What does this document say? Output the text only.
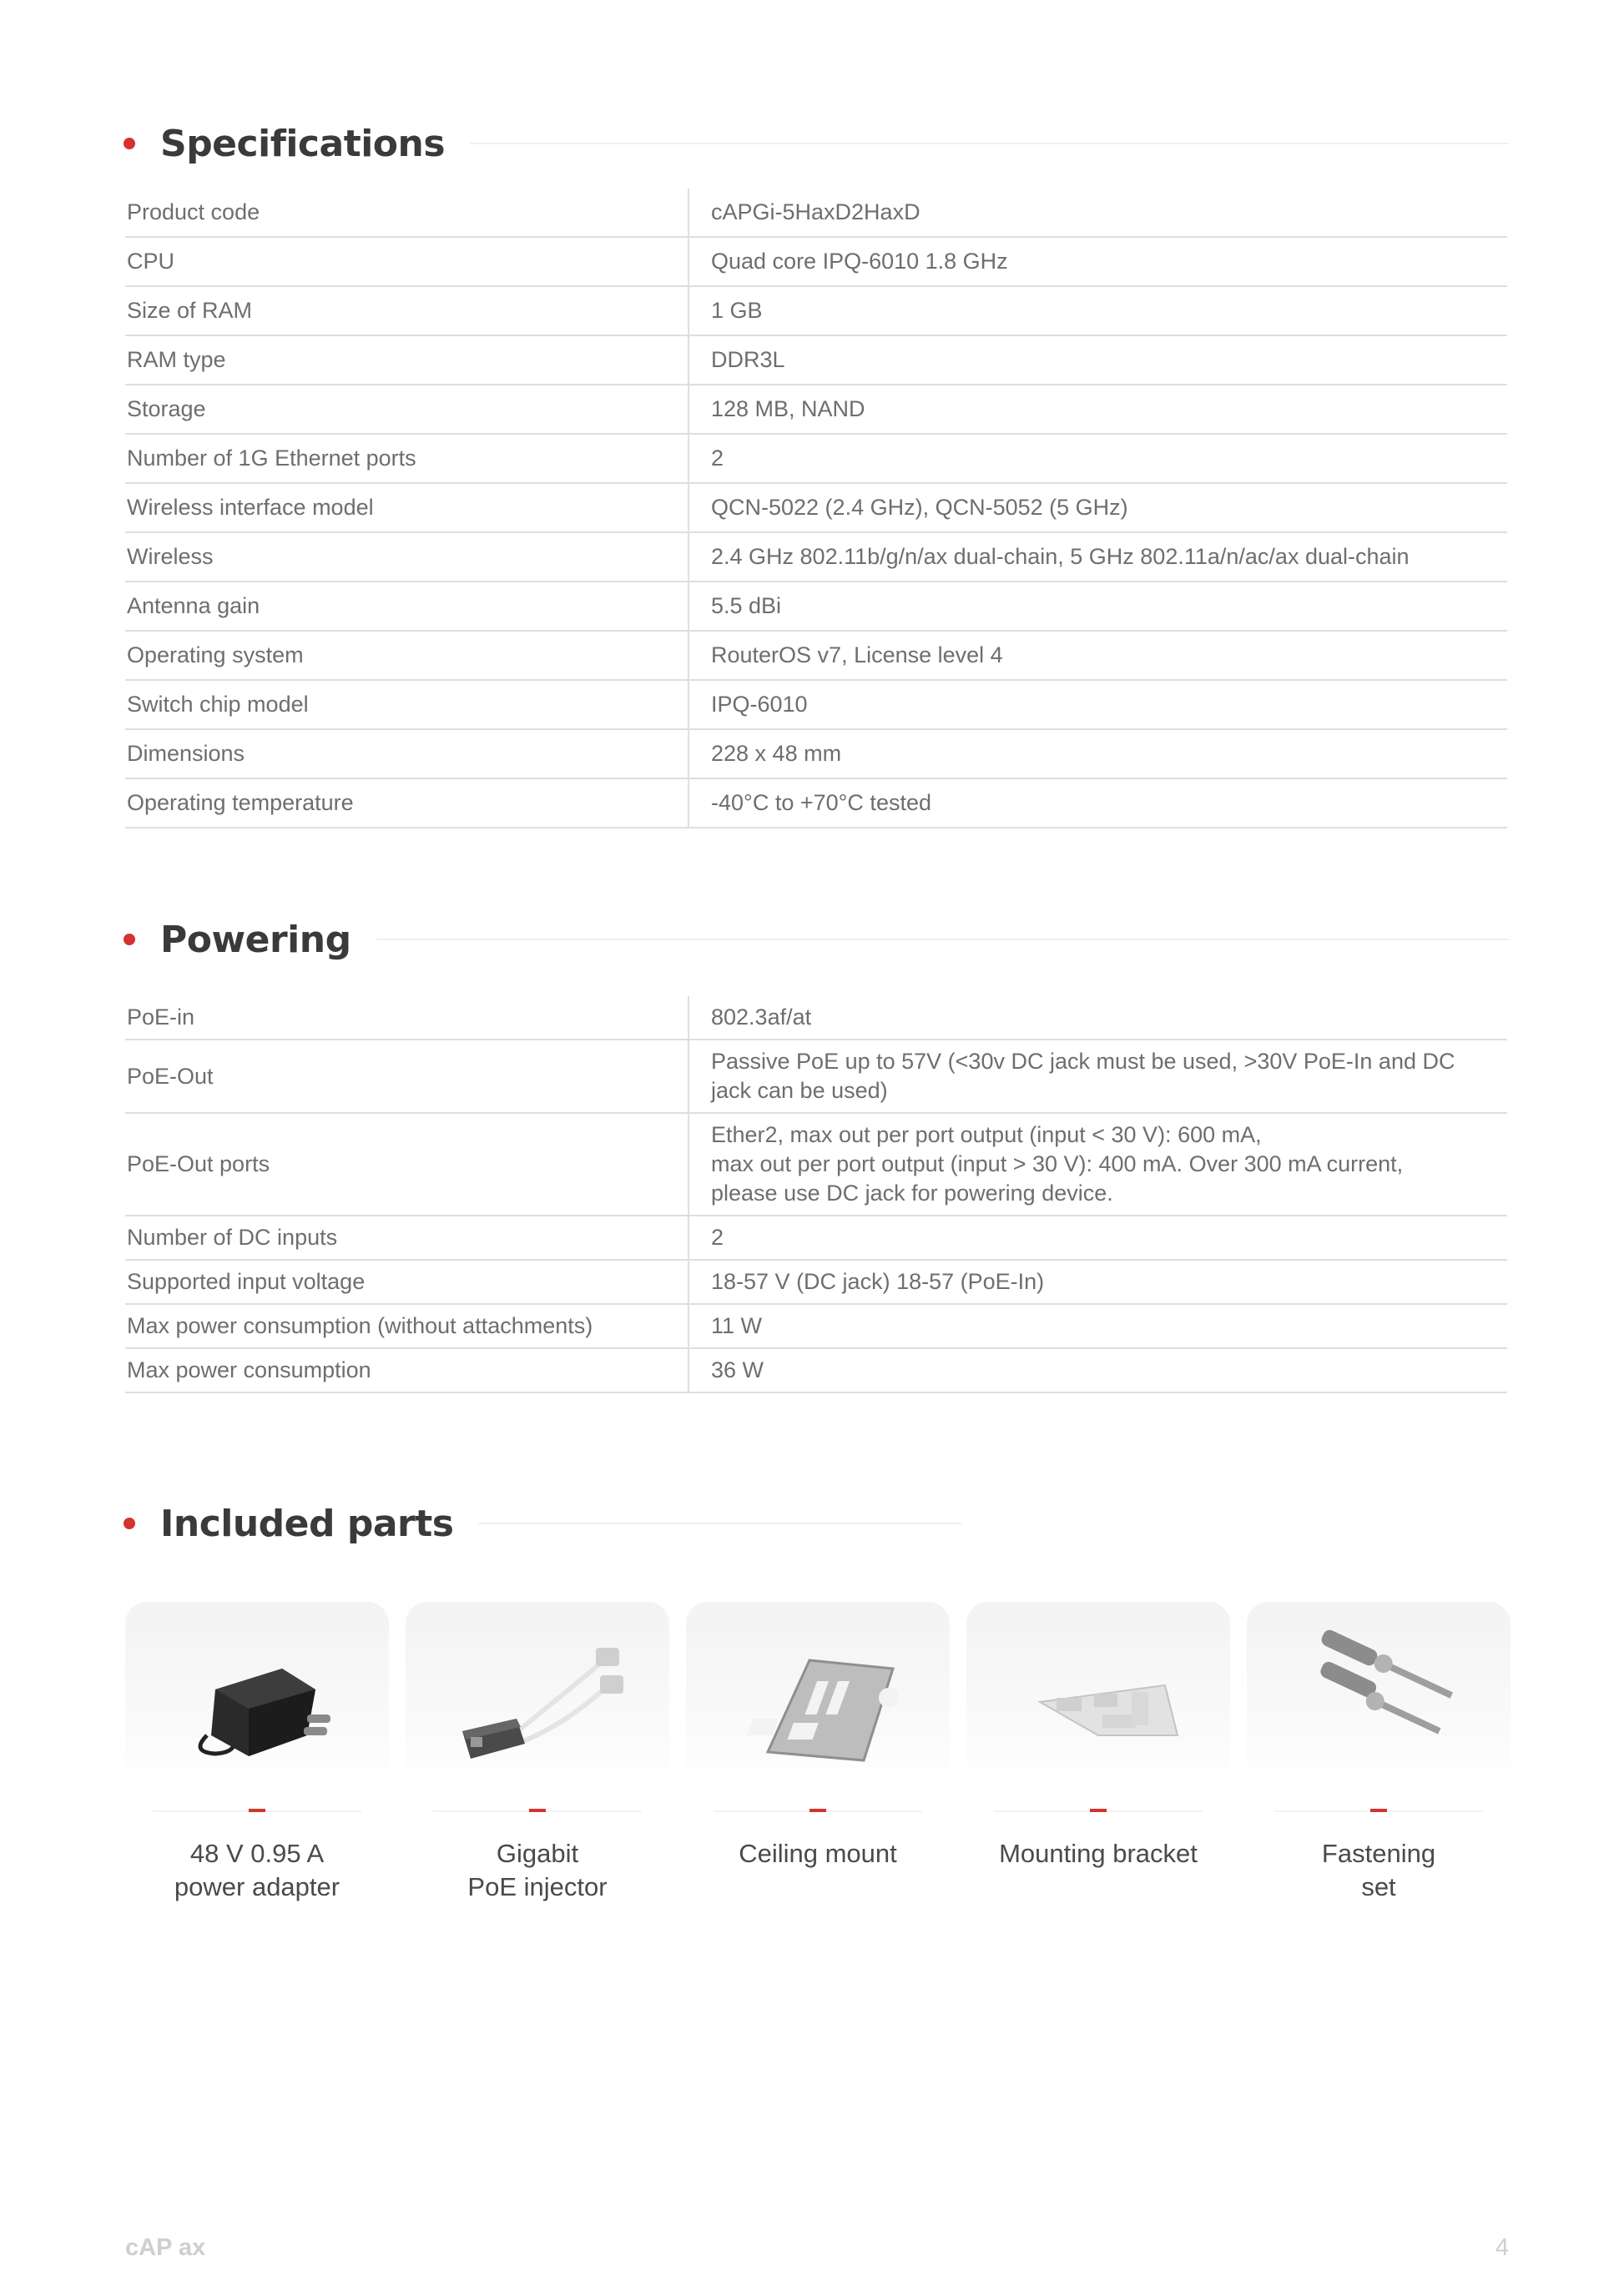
Specifications
Product code	cAPGi-5HaxD2HaxD
CPU	Quad core IPQ-6010 1.8 GHz
Size of RAM	1 GB
RAM type	DDR3L
Storage	128 MB, NAND
Number of 1G Ethernet ports	2
Wireless interface model	QCN-5022 (2.4 GHz), QCN-5052 (5 GHz)
Wireless	2.4 GHz 802.11b/g/n/ax dual-chain, 5 GHz 802.11a/n/ac/ax dual-chain
Antenna gain	5.5 dBi
Operating system	RouterOS v7, License level 4
Switch chip model	IPQ-6010
Dimensions	228 x 48 mm
Operating temperature	-40°C to +70°C tested
Powering
PoE-in	802.3af/at
PoE-Out	Passive PoE up to 57V (<30v DC jack must be used, >30V PoE-In and DC jack can be used)
PoE-Out ports	Ether2, max out per port output (input < 30 V): 600 mA,
max out per port output (input > 30 V): 400 mA. Over 300 mA current, please use DC jack for powering device.
Number of DC inputs	2
Supported input voltage	18-57 V (DC jack) 18-57 (PoE-In)
Max power consumption (without attachments)	11 W
Max power consumption	36 W
Included parts
48 V 0.95 A
power adapter
Gigabit
PoE injector
Ceiling mount	Mounting bracket	Fastening
set
cAP ax	4
